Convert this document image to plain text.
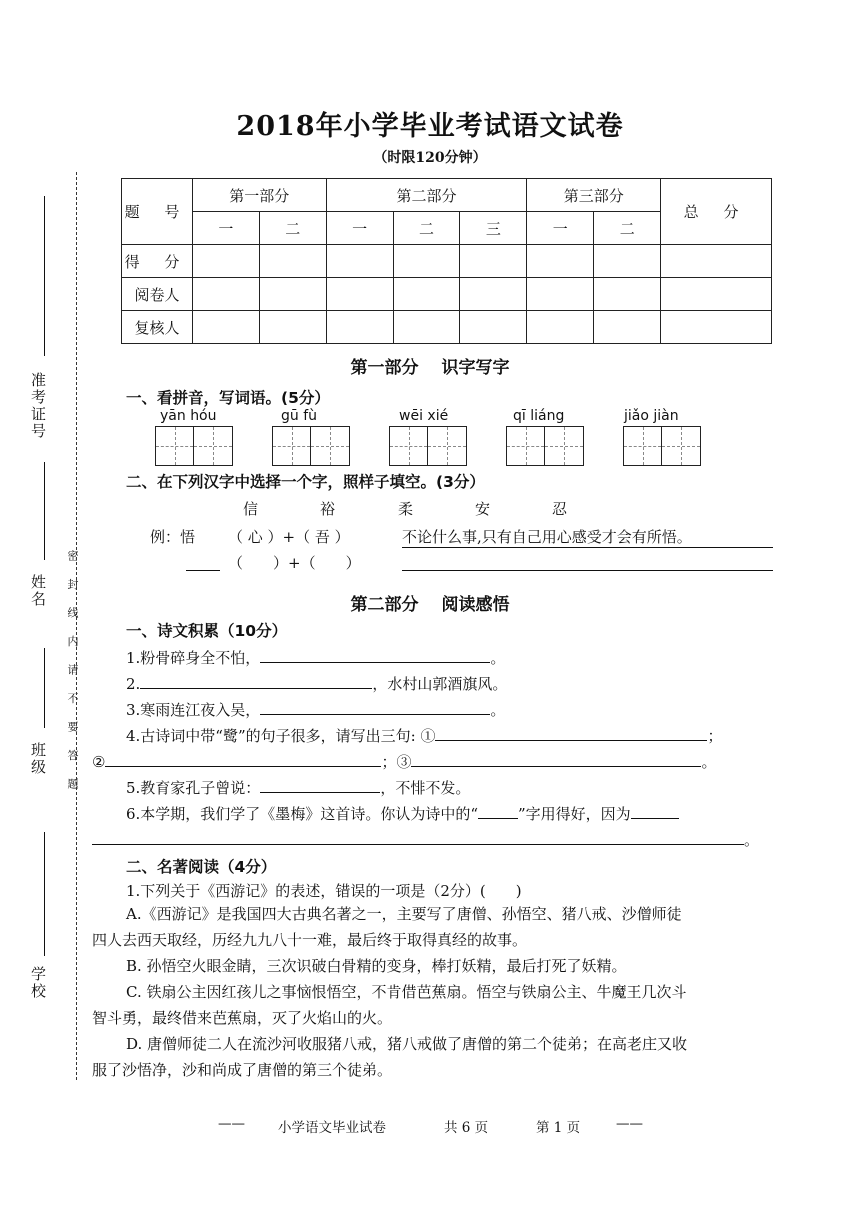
准考证号
姓名
班级
学校
密 封 线 内 请 不 要 答 题
2018年小学毕业考试语文试卷
（时限120分钟）
题 号	第一部分		第二部分			第三部分		总 分
	一	二	一	二	三	一	二	
得 分								
阅卷人								
复核人								
第一部分　 识字写字
一、看拼音，写词语。(5分）
yān hóu	gū fù	wēi xié	qī liáng	jiǎo jiàn
二、在下列汉字中选择一个字，照样子填空。(3分）
信	裕	柔	安	忍
例：悟 （ 心 ）+（ 吾 ）	不论什么事,只有自己用心感受才会有所悟。
（　　）+（　　）
第二部分　 阅读感悟
一、诗文积累（10分）
1.粉骨碎身全不怕，	。
2.	，水村山郭酒旗风。
3.寒雨连江夜入吴，	。
4.古诗词中带“鹭”的句子很多，请写出三句: ①	；
②	；③	。
5.教育家孔子曾说：	，不悱不发。
6.本学期，我们学了《墨梅》这首诗。你认为诗中的“	”字用得好，因为
。
二、名著阅读（4分）
1.下列关于《西游记》的表述，错误的一项是（2分）(　　)
A.《西游记》是我国四大古典名著之一，主要写了唐僧、孙悟空、猪八戒、沙僧师徒
四人去西天取经，历经九九八十一难，最后终于取得真经的故事。
B. 孙悟空火眼金睛，三次识破白骨精的变身，棒打妖精，最后打死了妖精。
C. 铁扇公主因红孩儿之事恼恨悟空，不肯借芭蕉扇。悟空与铁扇公主、牛魔王几次斗
智斗勇，最终借来芭蕉扇，灭了火焰山的火。
D. 唐僧师徒二人在流沙河收服猪八戒，猪八戒做了唐僧的第二个徒弟；在高老庄又收
服了沙悟净，沙和尚成了唐僧的第三个徒弟。
—— 小学语文毕业试卷	共 6 页	第 1 页	——
